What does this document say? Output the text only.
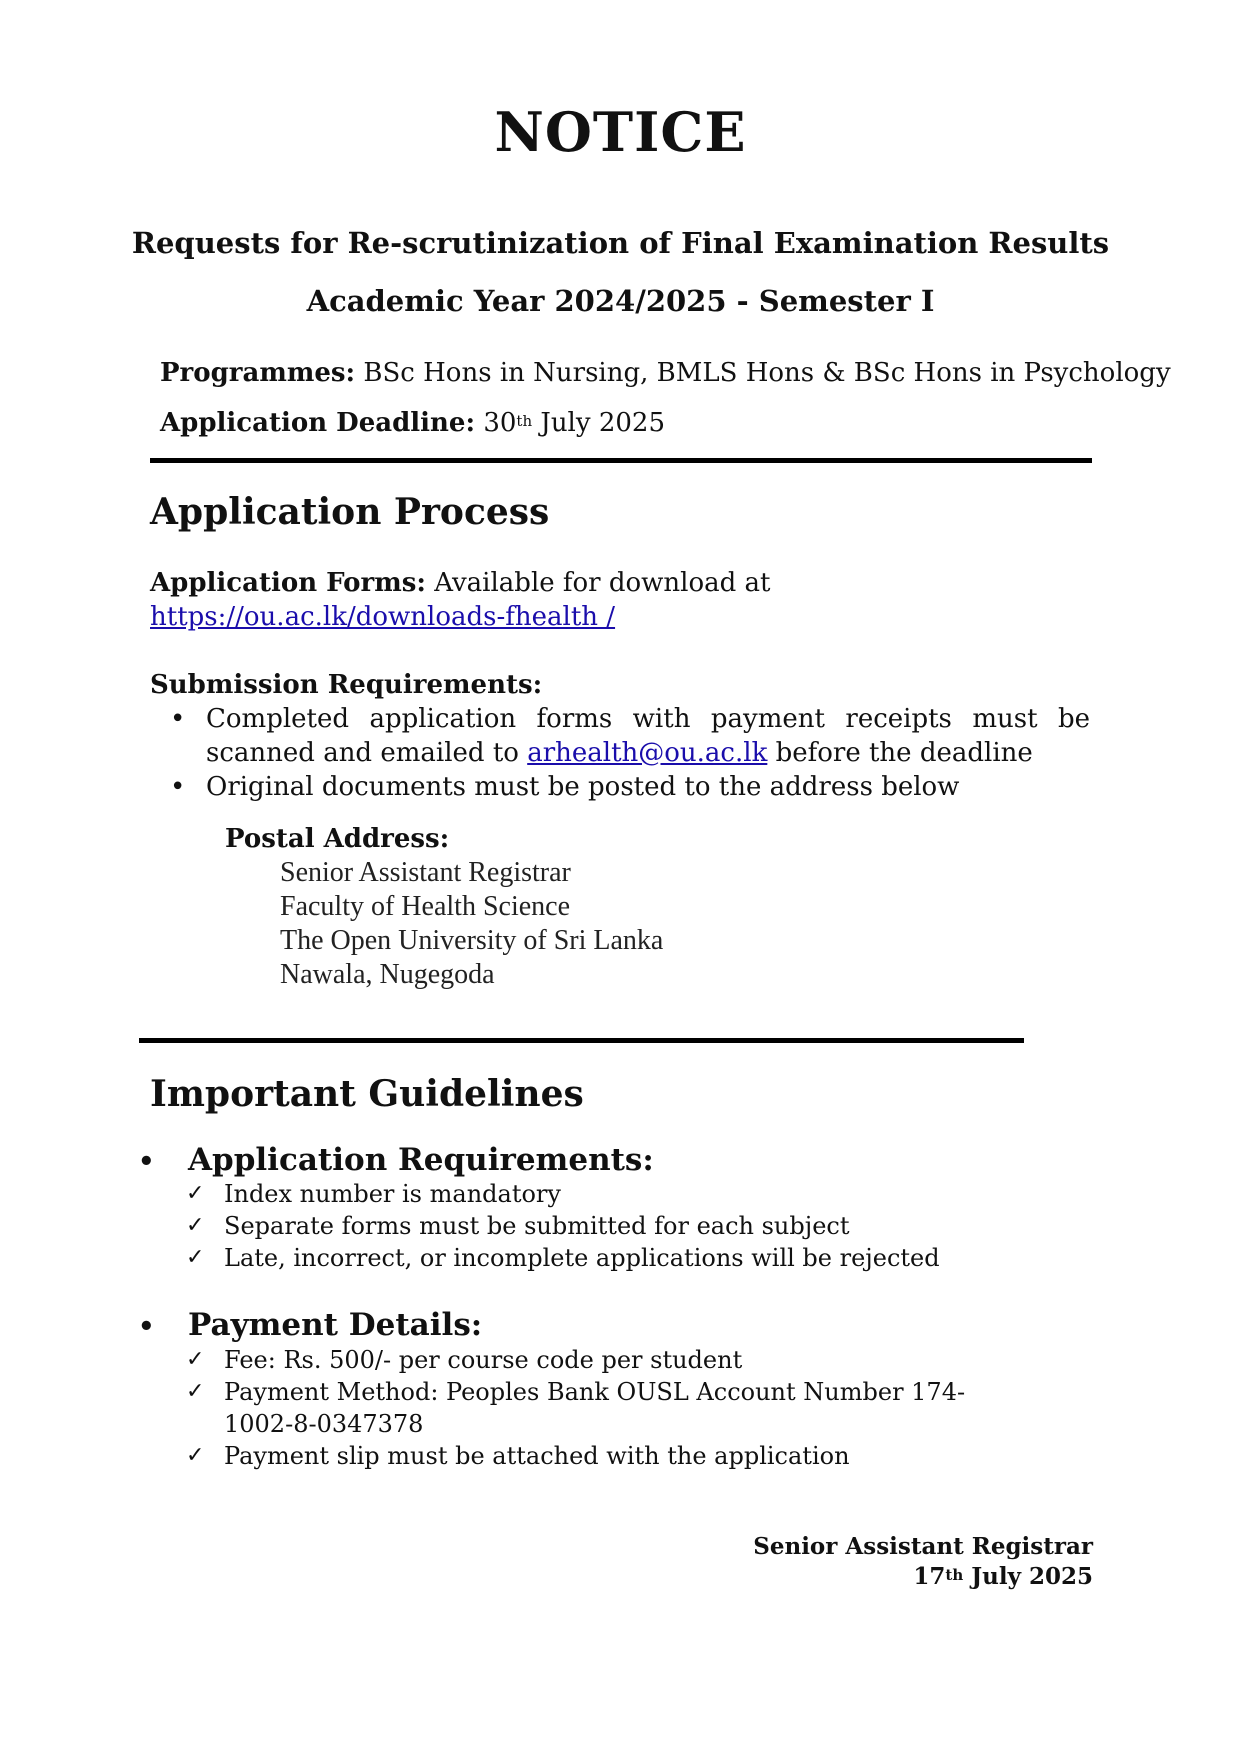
NOTICE
Requests for Re-scrutinization of Final Examination Results
Academic Year 2024/2025 - Semester I
Programmes: BSc Hons in Nursing, BMLS Hons & BSc Hons in Psychology
Application Deadline: 30th July 2025
Application Process
Application Forms: Available for download at https://ou.ac.lk/downloads-fhealth /
Submission Requirements:
• Completed application forms with payment receipts must be scanned and emailed to arhealth@ou.ac.lk before the deadline
• Original documents must be posted to the address below
Postal Address:
Senior Assistant Registrar
Faculty of Health Science
The Open University of Sri Lanka
Nawala, Nugegoda
Important Guidelines
• Application Requirements:
✓ Index number is mandatory
✓ Separate forms must be submitted for each subject
✓ Late, incorrect, or incomplete applications will be rejected
• Payment Details:
✓ Fee: Rs. 500/- per course code per student
✓ Payment Method: Peoples Bank OUSL Account Number 174-1002-8-0347378
✓ Payment slip must be attached with the application
Senior Assistant Registrar
17th July 2025
